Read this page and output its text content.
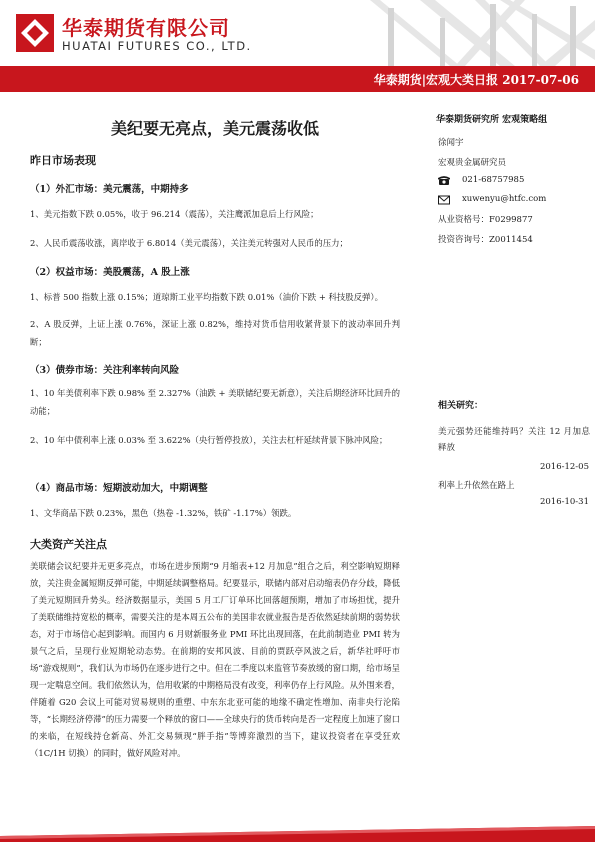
华泰期货有限公司
HUATAI FUTURES CO., LTD.
华泰期货|宏观大类日报 2017-07-06
美纪要无亮点，美元震荡收低
昨日市场表现
（1）外汇市场：美元震荡，中期持多

1、美元指数下跌 0.05%，收于 96.214（震荡），关注鹰派加息后上行风险；

2、人民币震荡收涨，离岸收于 6.8014（美元震荡），关注美元转强对人民币的压力；

（2）权益市场：美股震荡，A 股上涨

1、标普 500 指数上涨 0.15%；道琼斯工业平均指数下跌 0.01%（油价下跌 + 科技股反弹）。

2、A 股反弹，上证上涨 0.76%，深证上涨 0.82%，维持对货币信用收紧背景下的波动率回升判断；

（3）债券市场：关注利率转向风险

1、10 年美债利率下跌 0.98% 至 2.327%（油跌 + 美联储纪要无新意），关注后期经济环比回升的动能；

2、10 年中债利率上涨 0.03% 至 3.622%（央行暂停投放），关注去杠杆延续背景下脉冲风险；

（4）商品市场：短期波动加大，中期调整

1、文华商品下跌 0.23%，黑色（热卷 -1.32%，铁矿 -1.17%）领跌。

大类资产关注点

美联储会议纪要并无更多亮点，市场在进步预期“9 月缩表+12 月加息”组合之后，利空影响短期释放，关注贵金属短期反弹可能，中期延续调整格局。纪要显示，联储内部对启动缩表仍存分歧，降低了美元短期回升势头。经济数据显示，美国 5 月工厂订单环比回落超预期，增加了市场担忧，提升了美联储维持宽松的概率，需要关注的是本周五公布的美国非农就业报告是否依然延续前期的弱势状态，对于市场信心起到影响。而国内 6 月财新服务业 PMI 环比出现回落，在此前制造业 PMI 转为景气之后，呈现行业短期轮动态势。在前期的安邦风波、目前的贾跃亭风波之后，新华社呼吁市场“游戏规则”，我们认为市场仍在逐步进行之中。但在二季度以来监管节奏放缓的窗口期，给市场呈现一定喘息空间。我们依然认为，信用收紧的中期格局没有改变，利率仍存上行风险。从外围来看，伴随着 G20 会议上可能对贸易规则的重塑、中东东北亚可能的地缘不确定性增加、南非央行沦陷等，“长期经济停滞”的压力需要一个释放的窗口——全球央行的货币转向是否一定程度上加速了窗口的来临，在短线持仓新高、外汇交易频现“胖手指”等博弈激烈的当下，建议投资者在享受狂欢（1C/1H 切换）的同时，做好风险对冲。

华泰期货研究所 宏观策略组
徐闻宇
宏观贵金属研究员
021-68757985
xuwenyu@htfc.com
从业资格号：F0299877
投资咨询号：Z0011454
相关研究：

美元强势还能维持吗？关注 12 月加息释放

2016-12-05

利率上升依然在路上

2016-10-31
